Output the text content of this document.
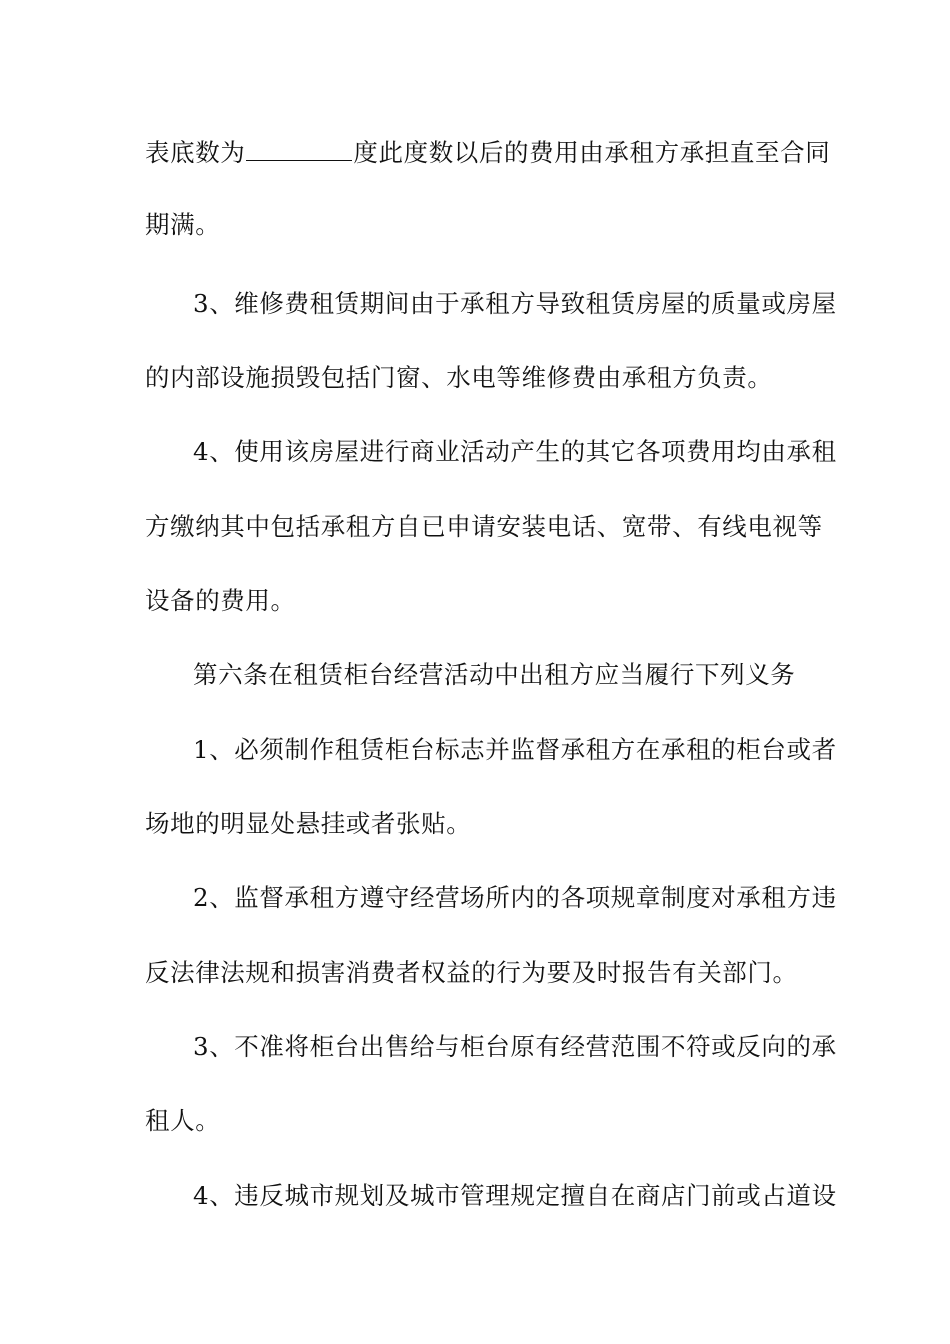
表底数为	度此度数以后的费用由承租方承担直至合同
期满。
3、维修费租赁期间由于承租方导致租赁房屋的质量或房屋
的内部设施损毁包括门窗、水电等维修费由承租方负责。
4、使用该房屋进行商业活动产生的其它各项费用均由承租
方缴纳其中包括承租方自已申请安装电话、宽带、有线电视等
设备的费用。
第六条在租赁柜台经营活动中出租方应当履行下列义务
1、必须制作租赁柜台标志并监督承租方在承租的柜台或者
场地的明显处悬挂或者张贴。
2、监督承租方遵守经营场所内的各项规章制度对承租方违
反法律法规和损害消费者权益的行为要及时报告有关部门。
3、不准将柜台出售给与柜台原有经营范围不符或反向的承
租人。
4、违反城市规划及城市管理规定擅自在商店门前或占道设
